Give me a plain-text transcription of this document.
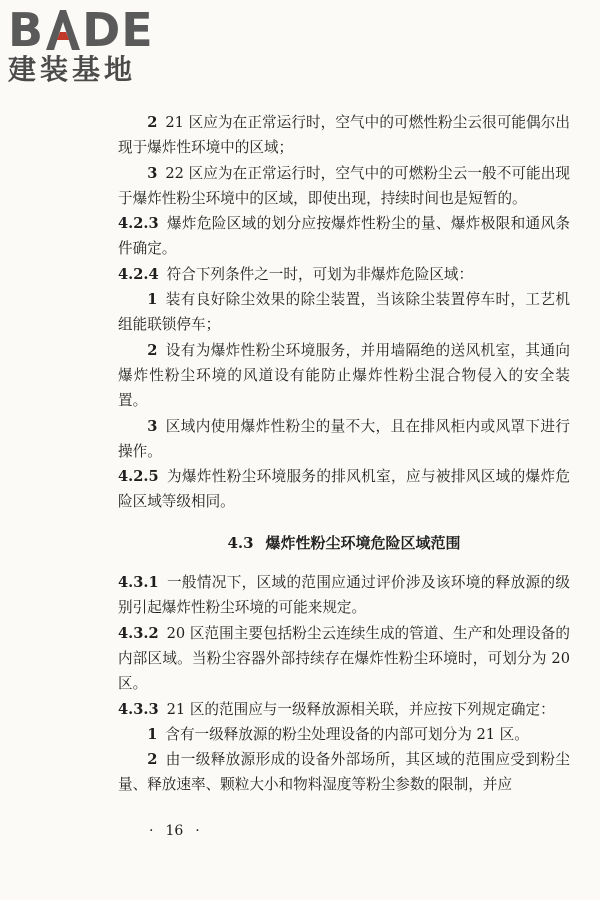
B DE
建装基地

2 21 区应为在正常运行时，空气中的可燃性粉尘云很可能偶尔出现于爆炸性环境中的区域；

3 22 区应为在正常运行时，空气中的可燃粉尘云一般不可能出现于爆炸性粉尘环境中的区域，即使出现，持续时间也是短暂的。

4.2.3 爆炸危险区域的划分应按爆炸性粉尘的量、爆炸极限和通风条件确定。

4.2.4 符合下列条件之一时，可划为非爆炸危险区域：

1 装有良好除尘效果的除尘装置，当该除尘装置停车时，工艺机组能联锁停车；

2 设有为爆炸性粉尘环境服务，并用墙隔绝的送风机室，其通向爆炸性粉尘环境的风道设有能防止爆炸性粉尘混合物侵入的安全装置。

3 区域内使用爆炸性粉尘的量不大，且在排风柜内或风罩下进行操作。

4.2.5 为爆炸性粉尘环境服务的排风机室，应与被排风区域的爆炸危险区域等级相同。

4.3 爆炸性粉尘环境危险区域范围

4.3.1 一般情况下，区域的范围应通过评价涉及该环境的释放源的级别引起爆炸性粉尘环境的可能来规定。

4.3.2 20 区范围主要包括粉尘云连续生成的管道、生产和处理设备的内部区域。当粉尘容器外部持续存在爆炸性粉尘环境时，可划分为 20 区。

4.3.3 21 区的范围应与一级释放源相关联，并应按下列规定确定：

1 含有一级释放源的粉尘处理设备的内部可划分为 21 区。

2 由一级释放源形成的设备外部场所，其区域的范围应受到粉尘量、释放速率、颗粒大小和物料湿度等粉尘参数的限制，并应

· 16 ·
